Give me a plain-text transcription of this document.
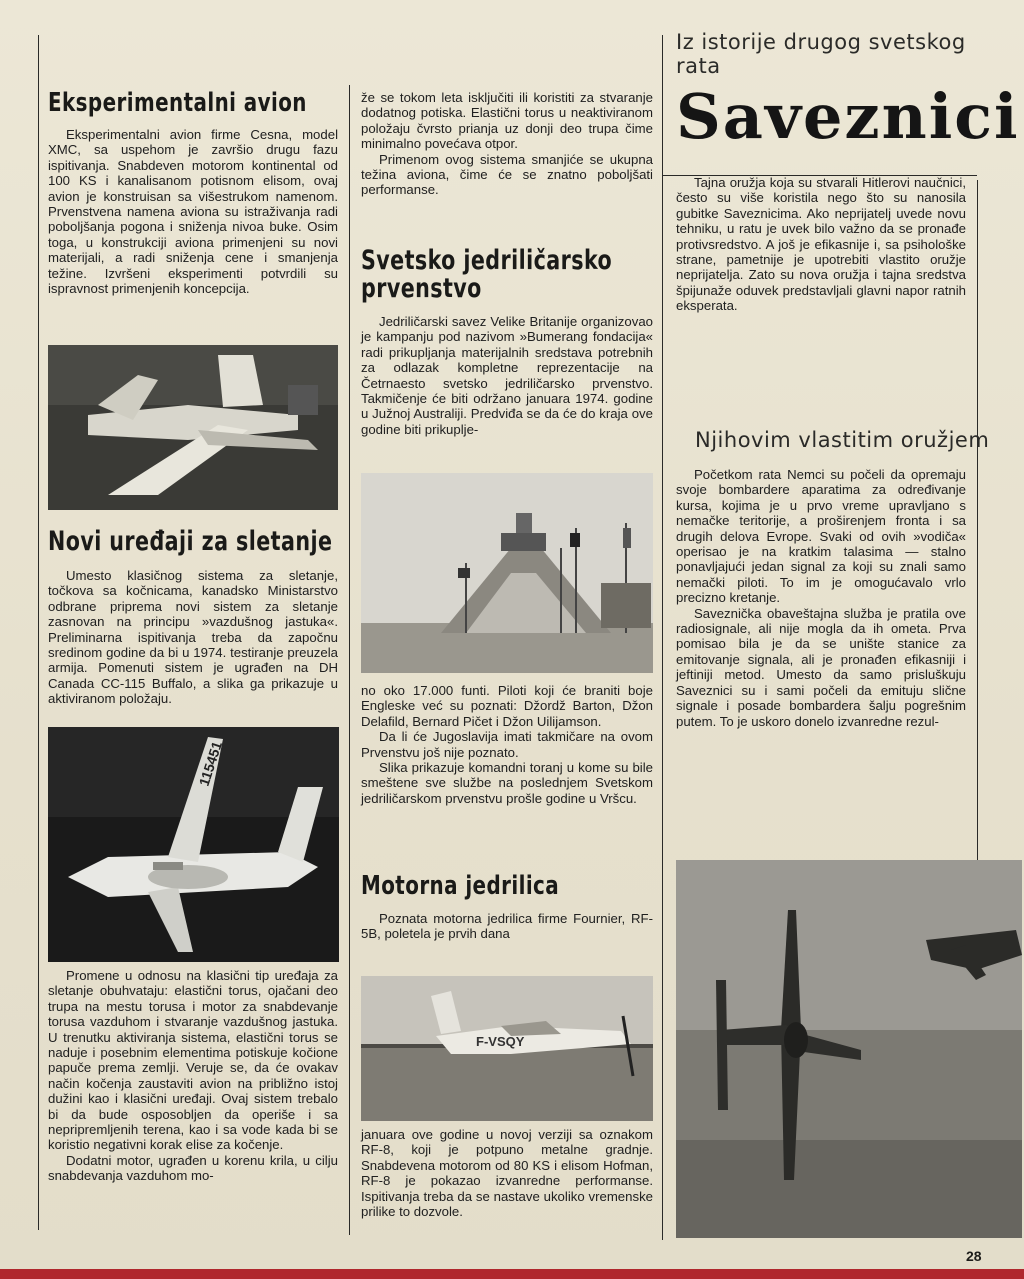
Eksperimentalni avion

Eksperimentalni avion firme Cesna, model XMC, sa uspehom je završio drugu fazu ispitivanja. Snabdeven motorom kontinental od 100 KS i kanalisanom potisnom elisom, ovaj avion je konstruisan sa višestrukom namenom. Prvenstvena namena aviona su istraživanja radi poboljšanja pogona i sniženja nivoa buke. Osim toga, u konstrukciji aviona primenjeni su novi materijali, a radi sniženja cene i smanjenja težine. Izvršeni eksperimenti potvrdili su ispravnost primenjenih koncepcija.

Novi uređaji za sletanje

Umesto klasičnog sistema za sletanje, točkova sa kočnicama, kanadsko Ministarstvo odbrane priprema novi sistem za sletanje zasnovan na principu »vazdušnog jastuka«. Preliminarna ispitivanja treba da započnu sredinom godine da bi u 1974. testiranje preuzela armija. Pomenuti sistem je ugrađen na DH Canada CC-115 Buffalo, a slika ga prikazuje u aktiviranom položaju.

115451

Promene u odnosu na klasični tip uređaja za sletanje obuhvataju: elastični torus, ojačani deo trupa na mestu torusa i motor za snabdevanje torusa vazduhom i stvaranje vazdušnog jastuka. U trenutku aktiviranja sistema, elastični torus se naduje i posebnim elementima potiskuje kočione papuče prema zemlji. Veruje se, da će ovakav način kočenja zaustaviti avion na približno istoj dužini kao i klasični uređaji. Ovaj sistem trebalo bi da bude osposobljen da operiše i sa nepripremljenih terena, kao i sa vode kada bi se koristio negativni korak elise za kočenje.

Dodatni motor, ugrađen u korenu krila, u cilju snabdevanja vazduhom mo-

že se tokom leta isključiti ili koristiti za stvaranje dodatnog potiska. Elastični torus u neaktiviranom položaju čvrsto prianja uz donji deo trupa čime minimalno povećava otpor.

Primenom ovog sistema smanjiće se ukupna težina aviona, čime će se znatno poboljšati performanse.

Svetsko jedriličarsko prvenstvo

Jedriličarski savez Velike Britanije organizovao je kampanju pod nazivom »Bumerang fondacija« radi prikupljanja materijalnih sredstava potrebnih za odlazak kompletne reprezentacije na Četrnaesto svetsko jedriličarsko prvenstvo. Takmičenje će biti održano januara 1974. godine u Južnoj Australiji. Predviđa se da će do kraja ove godine biti prikuplje-

no oko 17.000 funti. Piloti koji će braniti boje Engleske već su poznati: Džordž Barton, Džon Delafild, Bernard Pičet i Džon Uilijamson.

Da li će Jugoslavija imati takmičare na ovom Prvenstvu još nije poznato.

Slika prikazuje komandni toranj u kome su bile smeštene sve službe na poslednjem Svetskom jedriličarskom prvenstvu prošle godine u Vršcu.

Motorna jedrilica

Poznata motorna jedrilica firme Fournier, RF-5B, poletela je prvih dana

F-VSQY

januara ove godine u novoj verziji sa oznakom RF-8, koji je potpuno metalne gradnje. Snabdevena motorom od 80 KS i elisom Hofman, RF-8 je pokazao izvanredne performanse. Ispitivanja treba da se nastave ukoliko vremenske prilike to dozvole.

Iz istorije drugog svetskog rata
Saveznici

Tajna oružja koja su stvarali Hitlerovi naučnici, često su više koristila nego što su nanosila gubitke Saveznicima. Ako neprijatelj uvede novu tehniku, u ratu je uvek bilo važno da se pronađe protivsredstvo. A još je efikasnije i, sa psihološke strane, pametnije je upotrebiti vlastito oružje neprijatelja. Zato su nova oružja i tajna sredstva špijunaže oduvek predstavljali glavni napor ratnih eksperata.

Njihovim vlastitim oružjem

Početkom rata Nemci su počeli da opremaju svoje bombardere aparatima za određivanje kursa, kojima je u prvo vreme upravljano s nemačke teritorije, a proširenjem fronta i sa drugih delova Evrope. Svaki od ovih »vodiča« operisao je na kratkim talasima — stalno ponavljajući jedan signal za koji su znali samo nemački piloti. To im je omogućavalo vrlo precizno kretanje.

Saveznička obaveštajna služba je pratila ove radiosignale, ali nije mogla da ih ometa. Prva pomisao bila je da se unište stanice za emitovanje signala, ali je pronađen efikasniji i jeftiniji metod. Umesto da samo prisluškuju Saveznici su i sami počeli da emituju slične signale i posade bombardera šalju pogrešnim putem. To je uskoro donelo izvanredne rezul-

28
